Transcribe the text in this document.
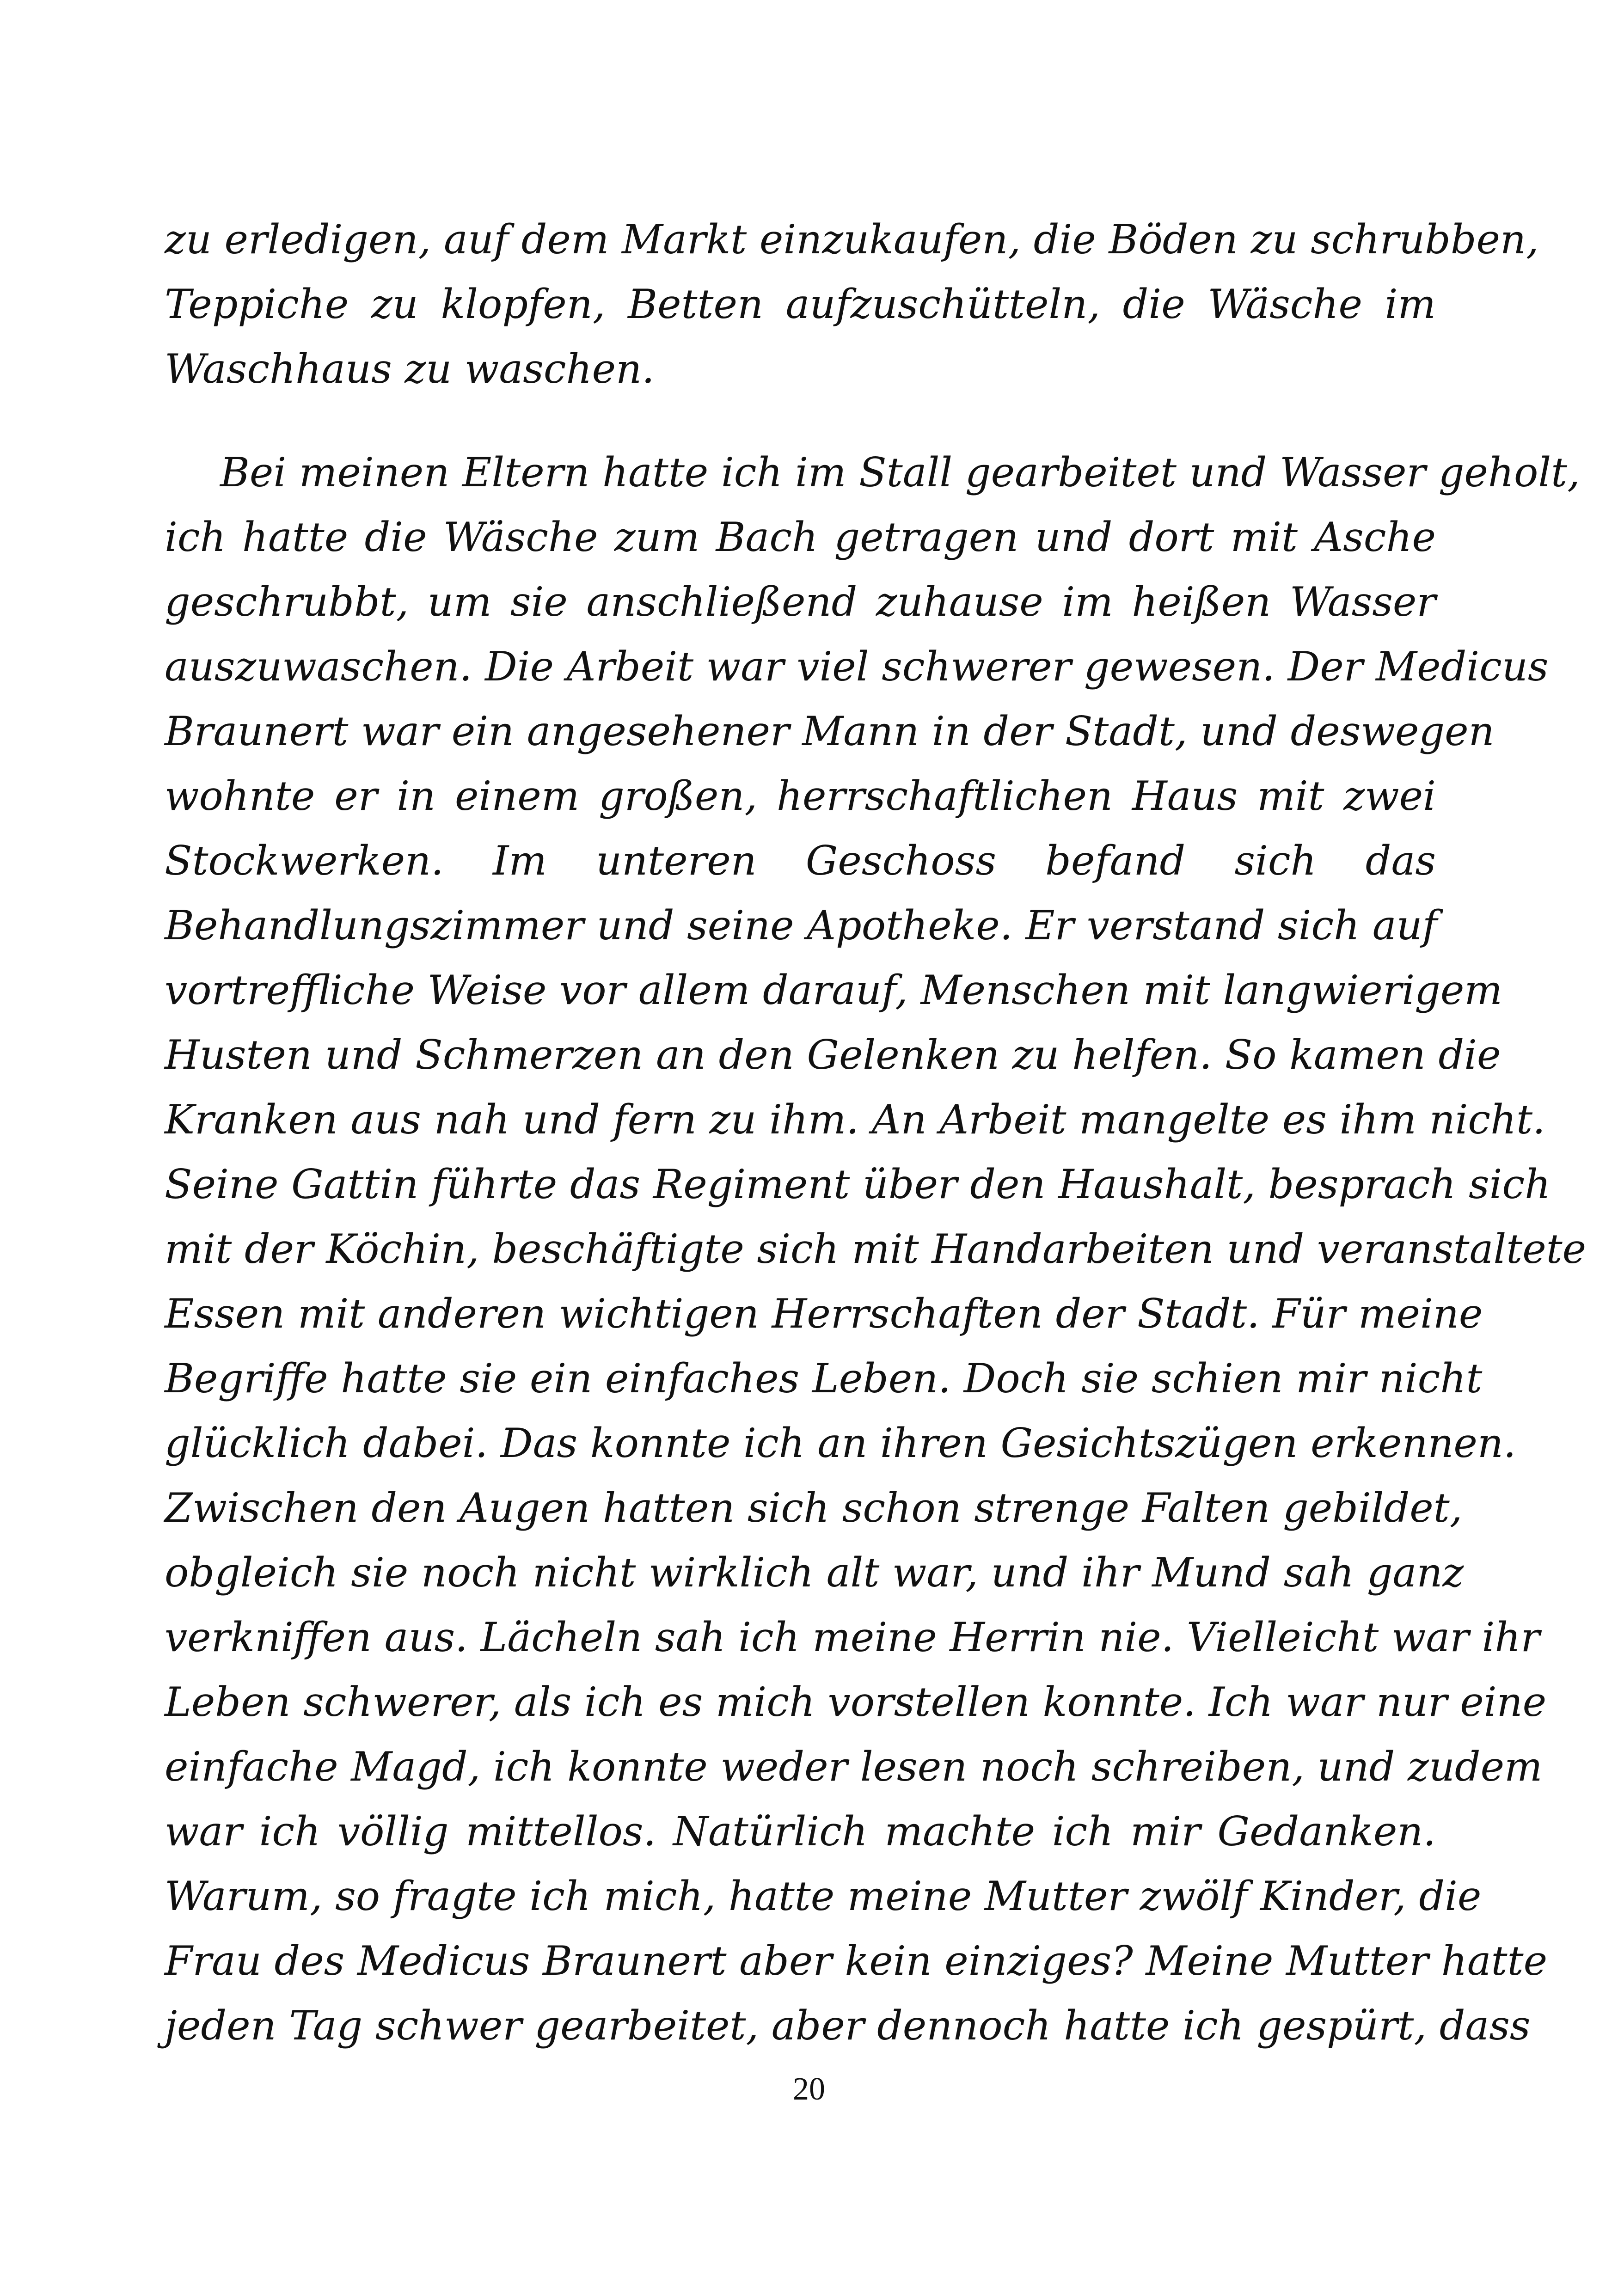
zu erledigen, auf dem Markt einzukaufen, die Böden zu schrubben,
Teppiche zu klopfen, Betten aufzuschütteln, die Wäsche im
Waschhaus zu waschen.
Bei meinen Eltern hatte ich im Stall gearbeitet und Wasser geholt,
ich hatte die Wäsche zum Bach getragen und dort mit Asche
geschrubbt, um sie anschließend zuhause im heißen Wasser
auszuwaschen. Die Arbeit war viel schwerer gewesen. Der Medicus
Braunert war ein angesehener Mann in der Stadt, und deswegen
wohnte er in einem großen, herrschaftlichen Haus mit zwei
Stockwerken. Im unteren Geschoss befand sich das
Behandlungszimmer und seine Apotheke. Er verstand sich auf
vortreffliche Weise vor allem darauf, Menschen mit langwierigem
Husten und Schmerzen an den Gelenken zu helfen. So kamen die
Kranken aus nah und fern zu ihm. An Arbeit mangelte es ihm nicht.
Seine Gattin führte das Regiment über den Haushalt, besprach sich
mit der Köchin, beschäftigte sich mit Handarbeiten und veranstaltete
Essen mit anderen wichtigen Herrschaften der Stadt. Für meine
Begriffe hatte sie ein einfaches Leben. Doch sie schien mir nicht
glücklich dabei. Das konnte ich an ihren Gesichtszügen erkennen.
Zwischen den Augen hatten sich schon strenge Falten gebildet,
obgleich sie noch nicht wirklich alt war, und ihr Mund sah ganz
verkniffen aus. Lächeln sah ich meine Herrin nie. Vielleicht war ihr
Leben schwerer, als ich es mich vorstellen konnte. Ich war nur eine
einfache Magd, ich konnte weder lesen noch schreiben, und zudem
war ich völlig mittellos. Natürlich machte ich mir Gedanken.
Warum, so fragte ich mich, hatte meine Mutter zwölf Kinder, die
Frau des Medicus Braunert aber kein einziges? Meine Mutter hatte
jeden Tag schwer gearbeitet, aber dennoch hatte ich gespürt, dass
20
